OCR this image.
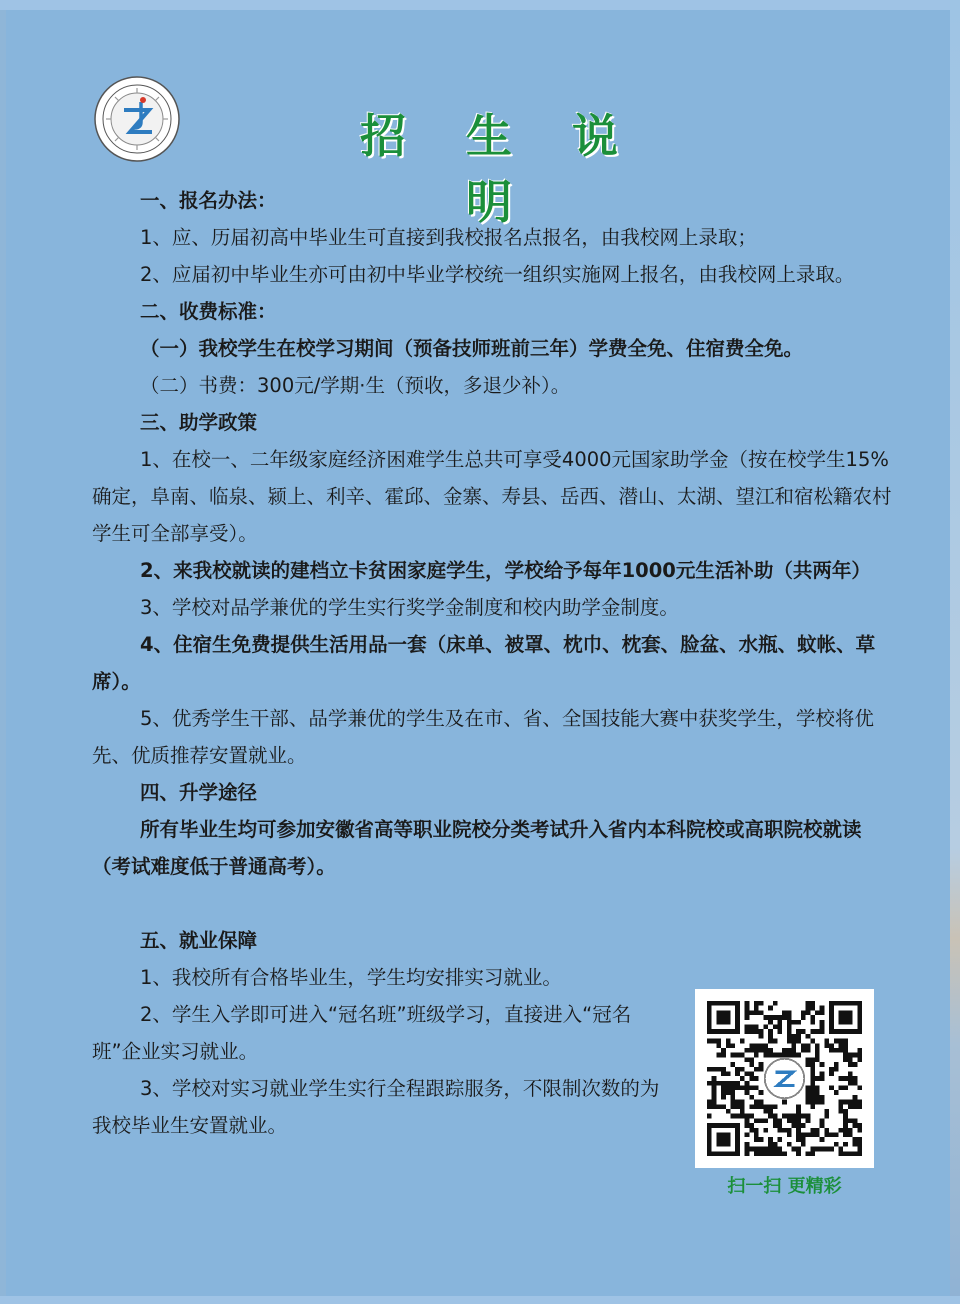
招 生 说 明

一、报名办法：

1、应、历届初高中毕业生可直接到我校报名点报名，由我校网上录取；

2、应届初中毕业生亦可由初中毕业学校统一组织实施网上报名，由我校网上录取。

二、收费标准：

（一）我校学生在校学习期间（预备技师班前三年）学费全免、住宿费全免。

（二）书费：300元/学期·生（预收，多退少补）。

三、助学政策

1、在校一、二年级家庭经济困难学生总共可享受4000元国家助学金（按在校学生15%确定，阜南、临泉、颍上、利辛、霍邱、金寨、寿县、岳西、潜山、太湖、望江和宿松籍农村学生可全部享受）。

2、来我校就读的建档立卡贫困家庭学生，学校给予每年1000元生活补助（共两年）

3、学校对品学兼优的学生实行奖学金制度和校内助学金制度。

4、住宿生免费提供生活用品一套（床单、被罩、枕巾、枕套、脸盆、水瓶、蚊帐、草席）。

5、优秀学生干部、品学兼优的学生及在市、省、全国技能大赛中获奖学生，学校将优先、优质推荐安置就业。

四、升学途径

所有毕业生均可参加安徽省高等职业院校分类考试升入省内本科院校或高职院校就读（考试难度低于普通高考）。

五、就业保障

1、我校所有合格毕业生，学生均安排实习就业。

2、学生入学即可进入“冠名班”班级学习，直接进入“冠名班”企业实习就业。

3、学校对实习就业学生实行全程跟踪服务，不限制次数的为我校毕业生安置就业。

扫一扫 更精彩
